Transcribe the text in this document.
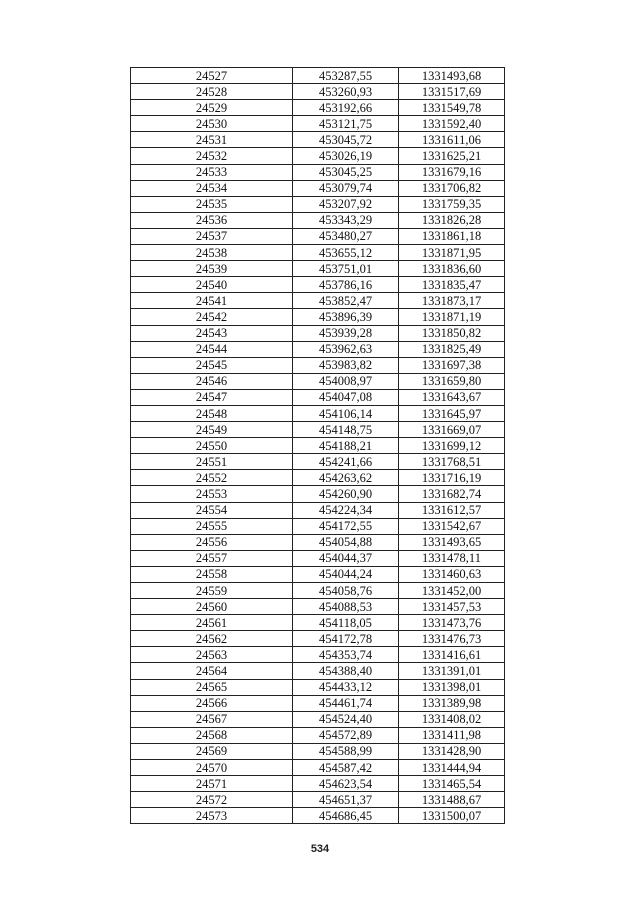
24527	453287,55	1331493,68
24528	453260,93	1331517,69
24529	453192,66	1331549,78
24530	453121,75	1331592,40
24531	453045,72	1331611,06
24532	453026,19	1331625,21
24533	453045,25	1331679,16
24534	453079,74	1331706,82
24535	453207,92	1331759,35
24536	453343,29	1331826,28
24537	453480,27	1331861,18
24538	453655,12	1331871,95
24539	453751,01	1331836,60
24540	453786,16	1331835,47
24541	453852,47	1331873,17
24542	453896,39	1331871,19
24543	453939,28	1331850,82
24544	453962,63	1331825,49
24545	453983,82	1331697,38
24546	454008,97	1331659,80
24547	454047,08	1331643,67
24548	454106,14	1331645,97
24549	454148,75	1331669,07
24550	454188,21	1331699,12
24551	454241,66	1331768,51
24552	454263,62	1331716,19
24553	454260,90	1331682,74
24554	454224,34	1331612,57
24555	454172,55	1331542,67
24556	454054,88	1331493,65
24557	454044,37	1331478,11
24558	454044,24	1331460,63
24559	454058,76	1331452,00
24560	454088,53	1331457,53
24561	454118,05	1331473,76
24562	454172,78	1331476,73
24563	454353,74	1331416,61
24564	454388,40	1331391,01
24565	454433,12	1331398,01
24566	454461,74	1331389,98
24567	454524,40	1331408,02
24568	454572,89	1331411,98
24569	454588,99	1331428,90
24570	454587,42	1331444,94
24571	454623,54	1331465,54
24572	454651,37	1331488,67
24573	454686,45	1331500,07
534
